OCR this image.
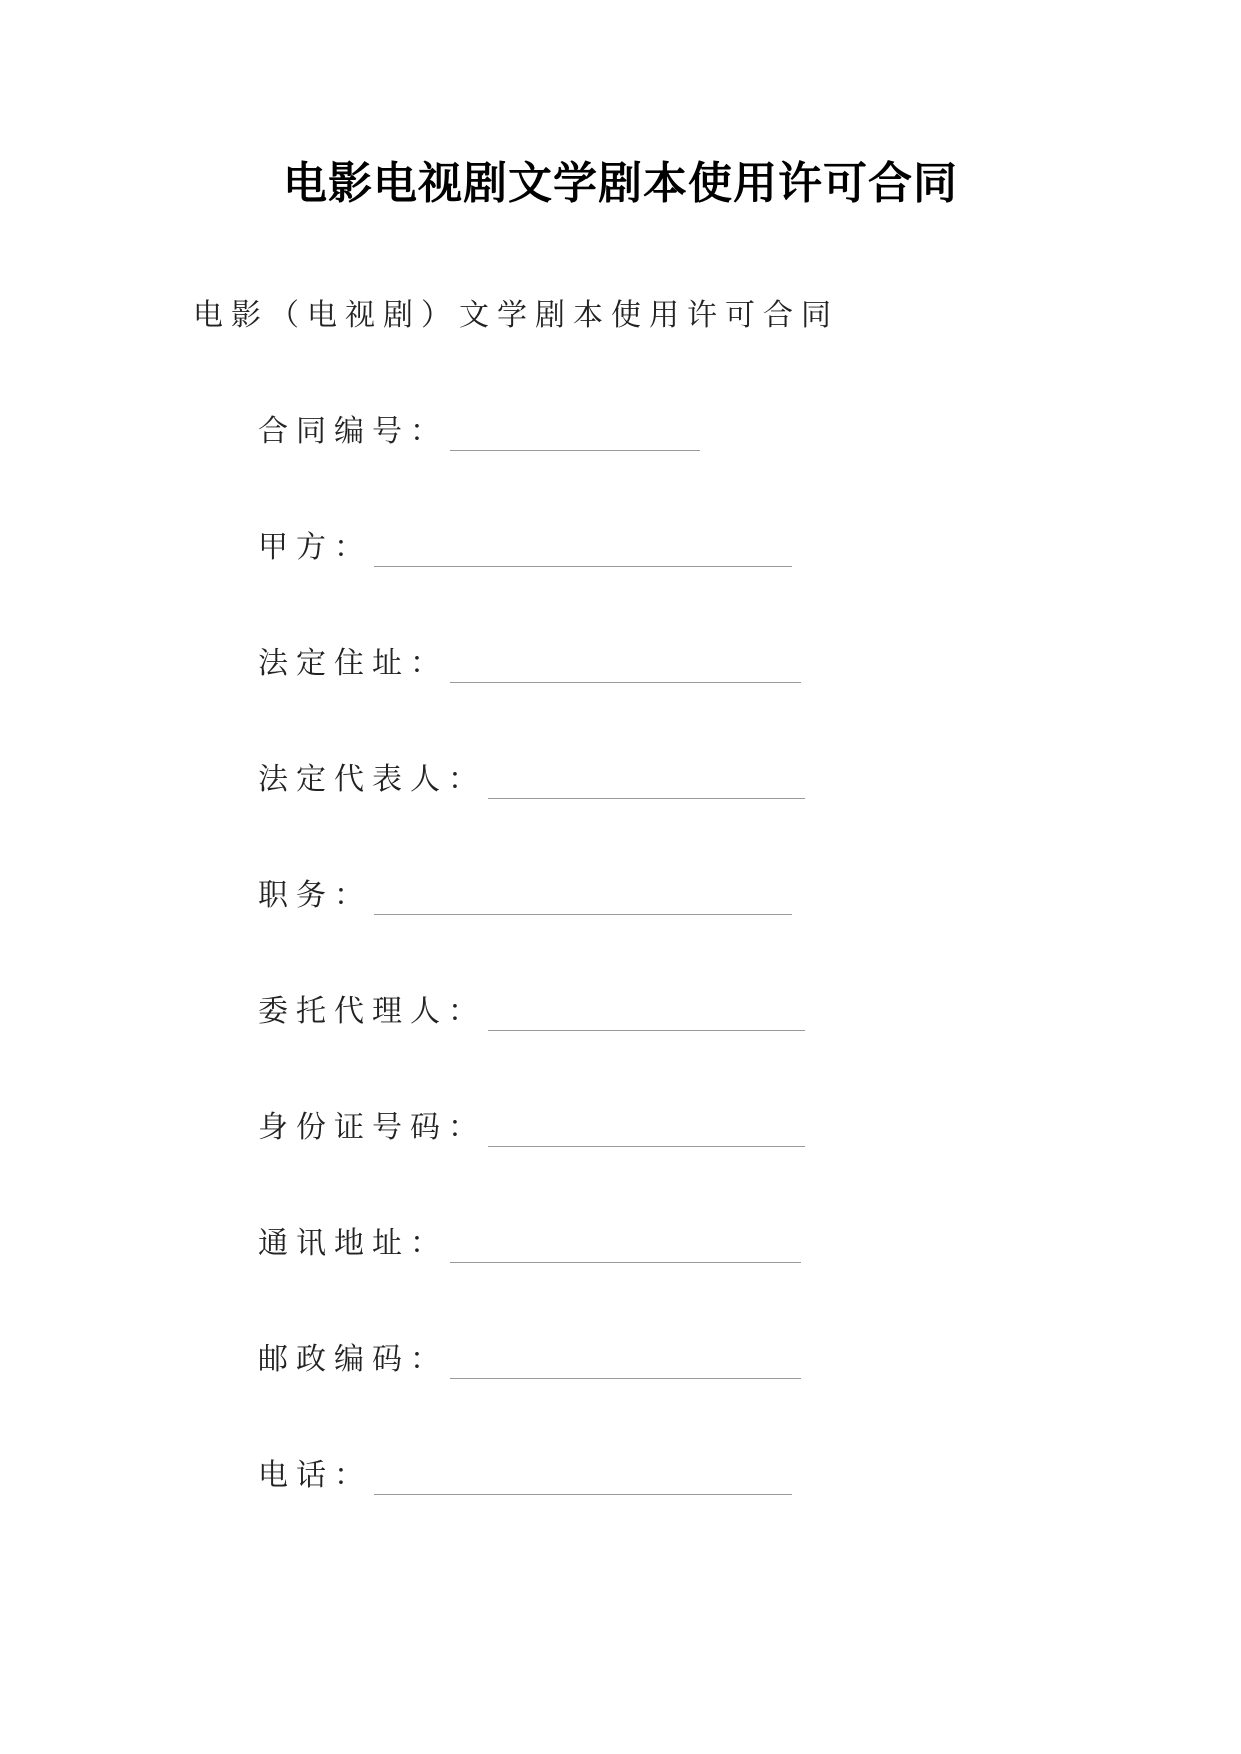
电影电视剧文学剧本使用许可合同
电影（电视剧）文学剧本使用许可合同
合同编号：
甲方：
法定住址：
法定代表人：
职务：
委托代理人：
身份证号码：
通讯地址：
邮政编码：
电话：
